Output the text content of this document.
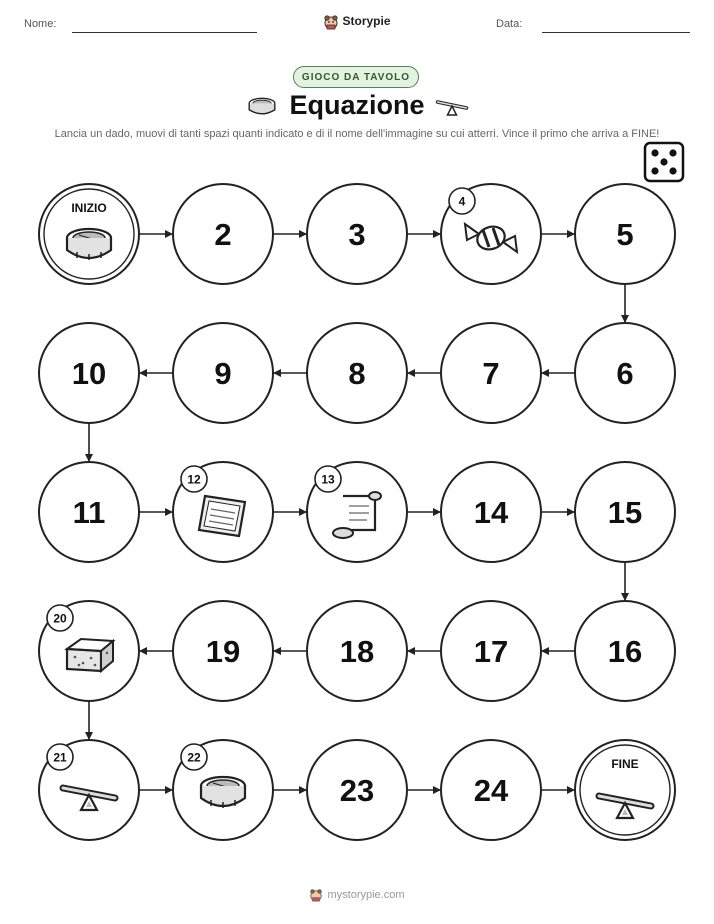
Nome:	Storypie	Data:
GIOCO DA TAVOLO
Equazione
Lancia un dado, muovi di tanti spazi quanti indicato e di il nome dell'immagine su cui atterri. Vince il primo che arriva a FINE!
INIZIO
2	3
4
5
6
7
8
9
10
11
12	13
14	15
16
17
18
19
20
21	22
23	24
FINE
mystorypie.com
